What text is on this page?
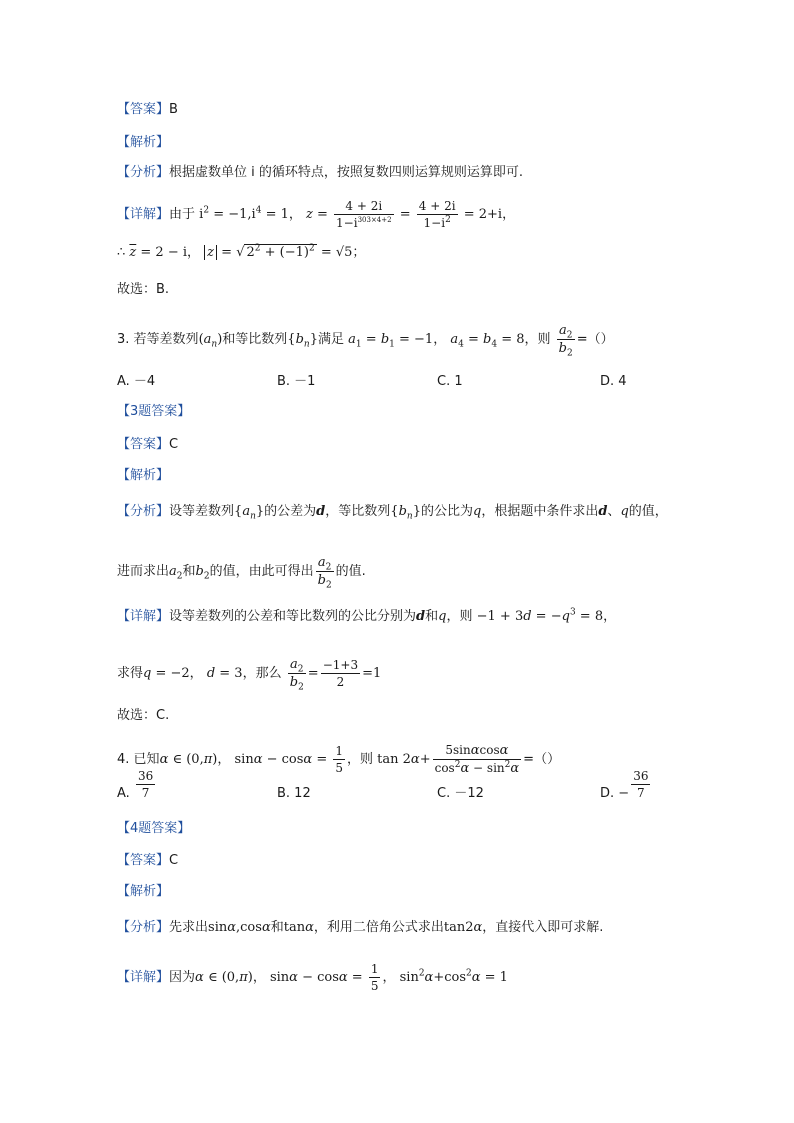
【答案】B
【解析】
【分析】根据虚数单位 i 的循环特点，按照复数四则运算规则运算即可.
【详解】由于 $i^2 = -1,i^4 = 1$， $z = \frac{4 + 2i}{1-i^{303\times 4+2}} = \frac{4 + 2i}{1-i^2} = 2+i$，
∴ $\overline{z} = 2 - i$， z = √ $2^2 + (-1)^2 = √5$；
故选：B.
3. 若等差数列$(a_n)$和等比数列$\{b_n\}$满足 $a_1 = b_1 = -1$， $a_4 = b_4 = 8$，则 $\frac{a_2}{b_2}$ =（）
A. －4	B. －1	C. 1	D. 4
【3题答案】
【答案】C
【解析】
【分析】设等差数列$\{a_n\}$的公差为d，等比数列$\{b_n\}$的公比为q，根据题中条件求出d、q的值，
进而求出$a_2$和$b_2$的值，由此可得出 $\frac{a_2}{b_2}$ 的值.
【详解】设等差数列的公差和等比数列的公比分别为d和q，则 $-1 + 3d = -q^3 = 8$，
求得q = −2， d = 3，那么 $\frac{a_2}{b_2} = \frac{-1+3}{2} =1$
故选：C.
4. 已知α ∈ (0,π)， $\sin\alpha - \cos\alpha = \frac{1}{5}$ ，则 $\tan 2\alpha+ \frac{5\sin\alpha\cos\alpha}{\cos^2\alpha - \sin^2\alpha}$ =（）
A. $\frac{36}{7}$	B. 12	C. －12	D. − $\frac{36}{7}$
【4题答案】
【答案】C
【解析】
【分析】先求出sinα,cosα和tanα，利用二倍角公式求出tan2α，直接代入即可求解.
【详解】因为α ∈ (0,π)， $\sin\alpha - \cos\alpha = \frac{1}{5}$ ， $\sin^2\alpha+\cos^2\alpha = 1$
